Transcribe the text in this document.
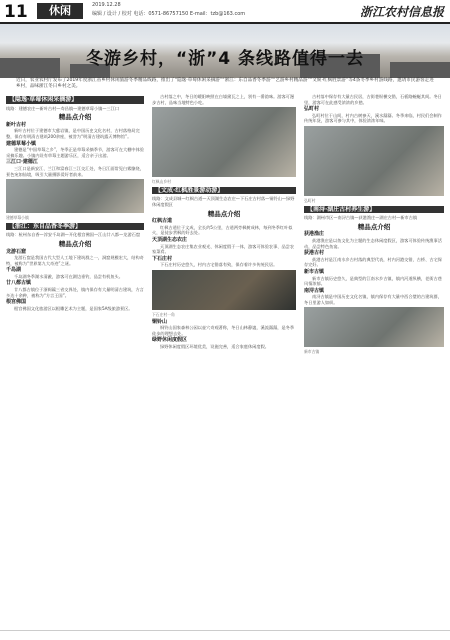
11	休闲	2019.12.28
编辑 / 设计 / 校对 电话：0571-86757150 E-mail：tzb@163.com	浙江农村信息报
冬游乡村，“浙”4 条线路值得一去
近日，农业农村厅发布了2019年度浙江省乡村休闲旅游冬季精品线路，推出了“隐逸·草莓休闲采摘游”“浙江：东自品香冬季游”“艺游乡村精品游”“文娱·红枫胜景游”等4条冬季乡村游线路，邀请市民游客走进乡村，品味浙江冬日乡村之美。
【隐逸·草莓休闲采摘游】
线路：建德农庄—新叶古村—寿昌镇—建德草莓小镇—三江口
精品点介绍
新叶古村
新叶古村位于建德市大慈岩镇，是中国历史文化名村，古村落格局完整，保存有明清古建筑200余座，被誉为“明清古建筑露天博物馆”。
建德草莓小镇
建德是“中国草莓之乡”，冬季正是草莓采摘季节，游客可在大棚中体验采摘乐趣。小镇内设有草莓主题游乐区，适合亲子出游。
三江口·建德江
三江口是新安江、兰江和富春江三江交汇处，冬日江面常见白雾缭绕，景色宛如仙境，吸引大量摄影爱好者前来。
建德草莓小镇
【浙江：东自品香冬季游】
线路：杭州东自香—淳安千岛湖—开化根宫佛国—江山廿八都—龙游石窟
精品点介绍
龙游石窟
龙游石窟是我国古代大型人工地下建筑群之一，洞窟规模宏大，结构奇特，被称为“世界第九大奇迹”之谜。
千岛湖
千岛湖冬季湖水清澈，游客可在湖边垂钓，品尝有机鱼头。
廿八都古镇
廿八都古镇位于浙闽赣三省交界处，镇内保存有大量明清古建筑，方言多达十余种，被称为“方言王国”。
根宫佛国
根宫佛国文化旅游区以根雕艺术为主题，是国家5A级旅游景区。
古村落之中，冬日的暖阳映照在白墙黛瓦之上，别有一番韵味。游客可漫步古村，品味当地特色小吃。
红枫山乡村
【文成·红枫胜景游动游】
线路：文成县城—红枫古道—天顶湖生态农庄—下石庄古村落—铜铃山—绿野休闲度假区
精品点介绍
红枫古道
红枫古道位于文成，全长约5公里，古道两旁枫树成林，每到冬季红叶似火，是徒步赏枫的好去处。
天顶湖生态农庄
天顶湖生态农庄集农业观光、休闲度假于一体，游客可体验农事、品尝农家菜肴。
下石庄村
下石庄村历史悠久，村内古宅错落有致，保存着许多传统民居。
下石庄村一角
铜铃山
铜铃山国家森林公园以壶穴奇观著称，冬日山林静谧，溪流潺潺，是冬季徒步的理想去处。
绿野休闲度假区
绿野休闲度假区环境优美，设施完善，适合家庭休闲度假。
古村落中保存有大量古民居，古街巷纵横交错，石板路蜿蜒其间。冬日里，游客可在此感受浓浓的乡愁。
弘町村
弘町村位于山间，村内古树参天，溪水潺潺。冬季来临，村民们会制作传统年货，游客可参与其中，体验浓浓年味。
弘町村
【南浔·湖庄古村养生游】
线路：湖州市区—南浔古镇—荻港渔庄—湖庄古村—新市古镇
精品点介绍
获港渔庄
荻港渔庄是以鱼文化为主题的生态休闲度假区，游客可体验传统渔事活动，品尝特色鱼宴。
荻港古村
荻港古村是江南水乡古村落的典型代表，村内河港交错，古桥、古宅保存完好。
新市古镇
新市古镇历史悠久，是典型的江南水乡古镇，镇内河道纵横，老街古巷风情浓郁。
南浔古镇
南浔古镇是中国历史文化名镇，镇内保存有大量中西合璧的古建筑群，冬日里游人如织。
新市古镇
